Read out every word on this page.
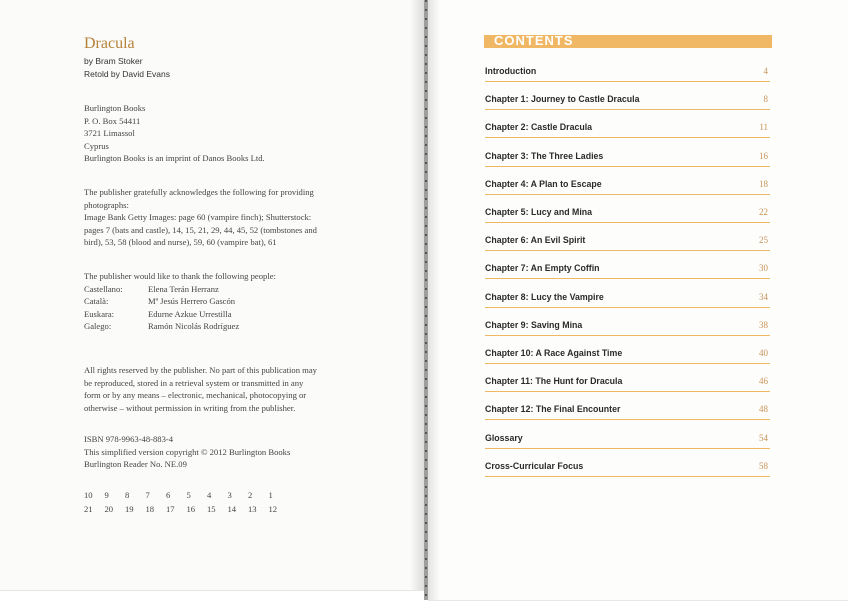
Dracula
by Bram Stoker
Retold by David Evans
Burlington Books
P. O. Box 54411
3721 Limassol
Cyprus
Burlington Books is an imprint of Danos Books Ltd.
The publisher gratefully acknowledges the following for providing
photographs:
Image Bank Getty Images: page 60 (vampire finch); Shutterstock:
pages 7 (bats and castle), 14, 15, 21, 29, 44, 45, 52 (tombstones and
bird), 53, 58 (blood and nurse), 59, 60 (vampire bat), 61
The publisher would like to thank the following people:
Castellano:	Elena Terán Herranz
Català:	Mª Jesús Herrero Gascón
Euskara:	Edurne Azkue Urrestilla
Galego:	Ramón Nicolás Rodríguez
All rights reserved by the publisher. No part of this publication may
be reproduced, stored in a retrieval system or transmitted in any
form or by any means – electronic, mechanical, photocopying or
otherwise – without permission in writing from the publisher.
ISBN 978-9963-48-883-4
This simplified version copyright © 2012 Burlington Books
Burlington Reader No. NE.09
10	9	8	7	6	5	4	3	2	1
21	20	19	18	17	16	15	14	13	12
CONTENTS
Introduction	4
Chapter 1: Journey to Castle Dracula	8
Chapter 2: Castle Dracula	11
Chapter 3: The Three Ladies	16
Chapter 4: A Plan to Escape	18
Chapter 5: Lucy and Mina	22
Chapter 6: An Evil Spirit	25
Chapter 7: An Empty Coffin	30
Chapter 8: Lucy the Vampire	34
Chapter 9: Saving Mina	38
Chapter 10: A Race Against Time	40
Chapter 11: The Hunt for Dracula	46
Chapter 12: The Final Encounter	48
Glossary	54
Cross-Curricular Focus	58
